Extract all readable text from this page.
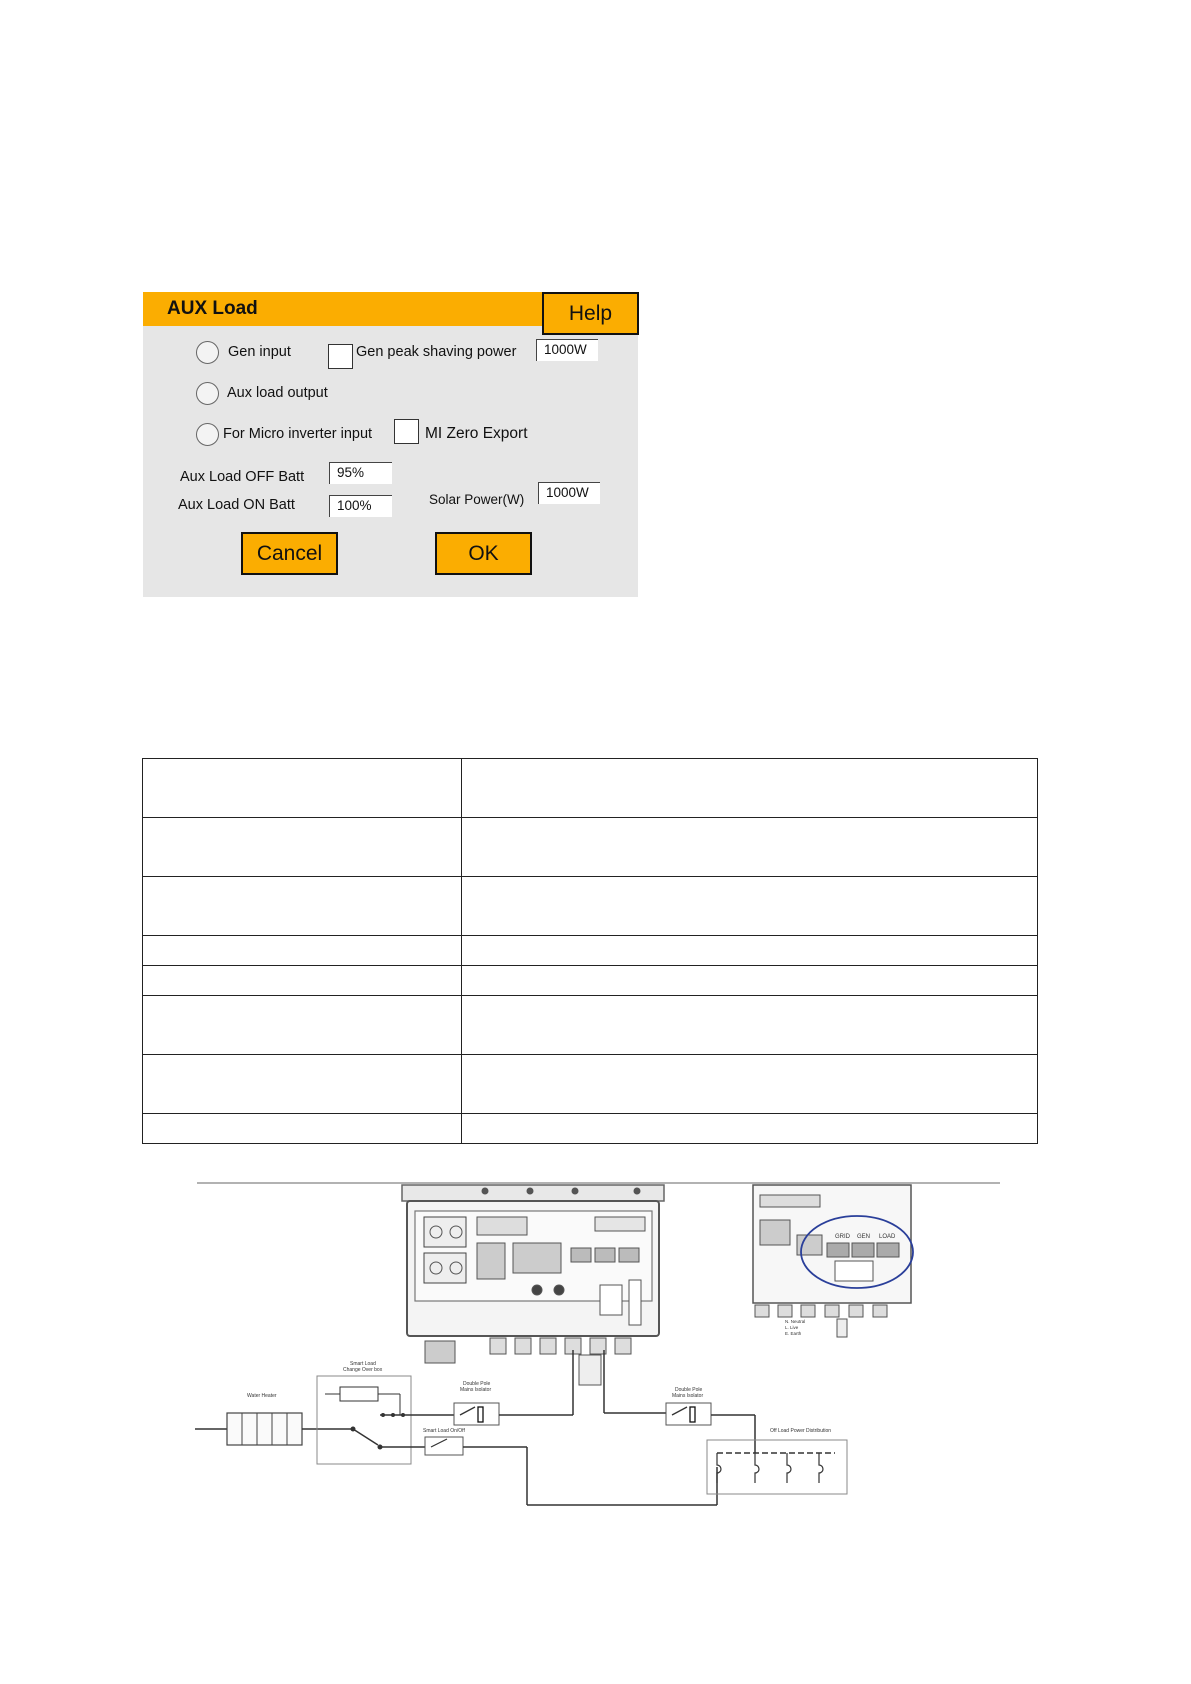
AUX Load	Help
Gen input	Gen peak shaving power	1000W
Aux load output
For Micro inverter input	MI Zero Export
Aux Load OFF Batt	95%
Aux Load ON Batt	100%	Solar Power(W)	1000W
Cancel	OK

GRID GEN LOAD
N. Neutral
L. Live
E. Earth
Water Heater
Smart Load
Change Over box
Double Pole
Mains Isolator
Smart Load On/Off
Double Pole
Mains Isolator
Off Load Power Distribution
